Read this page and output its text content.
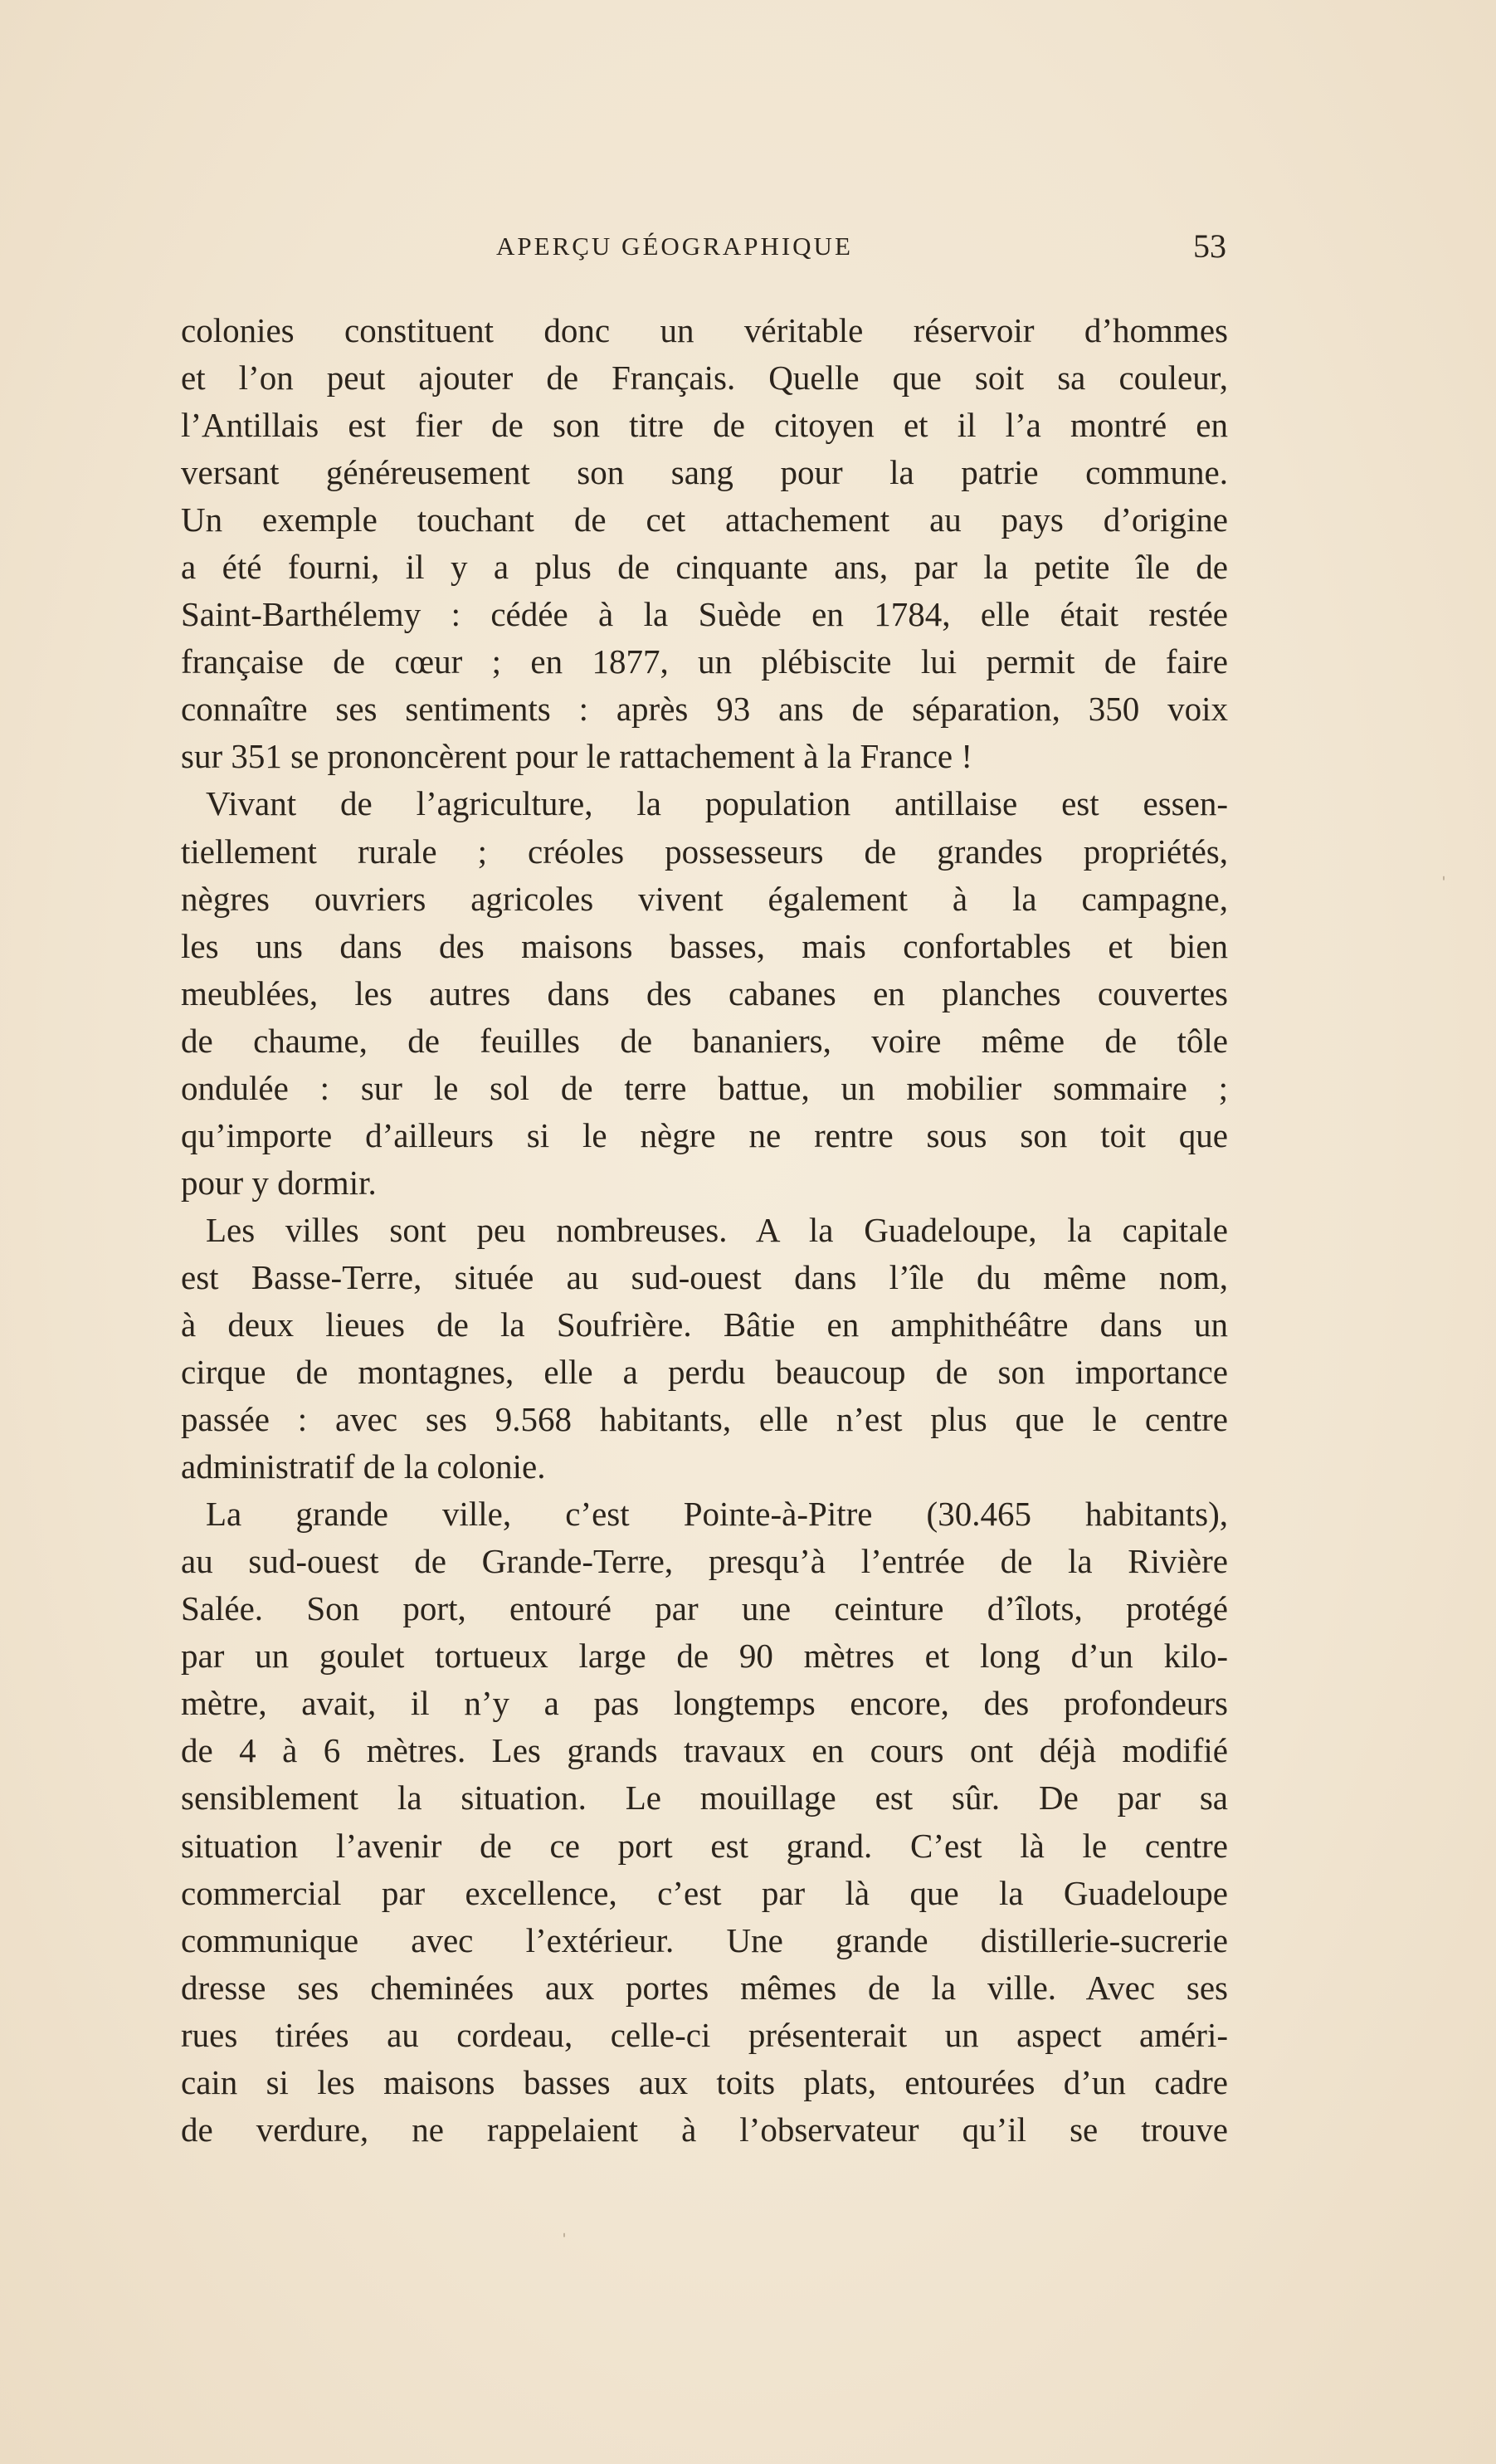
APERÇU GÉOGRAPHIQUE	53
colonies constituent donc un véritable réservoir d’hommes
et l’on peut ajouter de Français. Quelle que soit sa couleur,
l’Antillais est fier de son titre de citoyen et il l’a montré en
versant généreusement son sang pour la patrie commune.
Un exemple touchant de cet attachement au pays d’origine
a été fourni, il y a plus de cinquante ans, par la petite île de
Saint-Barthélemy : cédée à la Suède en 1784, elle était restée
française de cœur ; en 1877, un plébiscite lui permit de faire
connaître ses sentiments : après 93 ans de séparation, 350 voix
sur 351 se prononcèrent pour le rattachement à la France !
Vivant de l’agriculture, la population antillaise est essen-
tiellement rurale ; créoles possesseurs de grandes propriétés,
nègres ouvriers agricoles vivent également à la campagne,
les uns dans des maisons basses, mais confortables et bien
meublées, les autres dans des cabanes en planches couvertes
de chaume, de feuilles de bananiers, voire même de tôle
ondulée : sur le sol de terre battue, un mobilier sommaire ;
qu’importe d’ailleurs si le nègre ne rentre sous son toit que
pour y dormir.
Les villes sont peu nombreuses. A la Guadeloupe, la capitale
est Basse-Terre, située au sud-ouest dans l’île du même nom,
à deux lieues de la Soufrière. Bâtie en amphithéâtre dans un
cirque de montagnes, elle a perdu beaucoup de son importance
passée : avec ses 9.568 habitants, elle n’est plus que le centre
administratif de la colonie.
La grande ville, c’est Pointe-à-Pitre (30.465 habitants),
au sud-ouest de Grande-Terre, presqu’à l’entrée de la Rivière
Salée. Son port, entouré par une ceinture d’îlots, protégé
par un goulet tortueux large de 90 mètres et long d’un kilo-
mètre, avait, il n’y a pas longtemps encore, des profondeurs
de 4 à 6 mètres. Les grands travaux en cours ont déjà modifié
sensiblement la situation. Le mouillage est sûr. De par sa
situation l’avenir de ce port est grand. C’est là le centre
commercial par excellence, c’est par là que la Guadeloupe
communique avec l’extérieur. Une grande distillerie-sucrerie
dresse ses cheminées aux portes mêmes de la ville. Avec ses
rues tirées au cordeau, celle-ci présenterait un aspect améri-
cain si les maisons basses aux toits plats, entourées d’un cadre
de verdure, ne rappelaient à l’observateur qu’il se trouve
ˌ
ˌ
